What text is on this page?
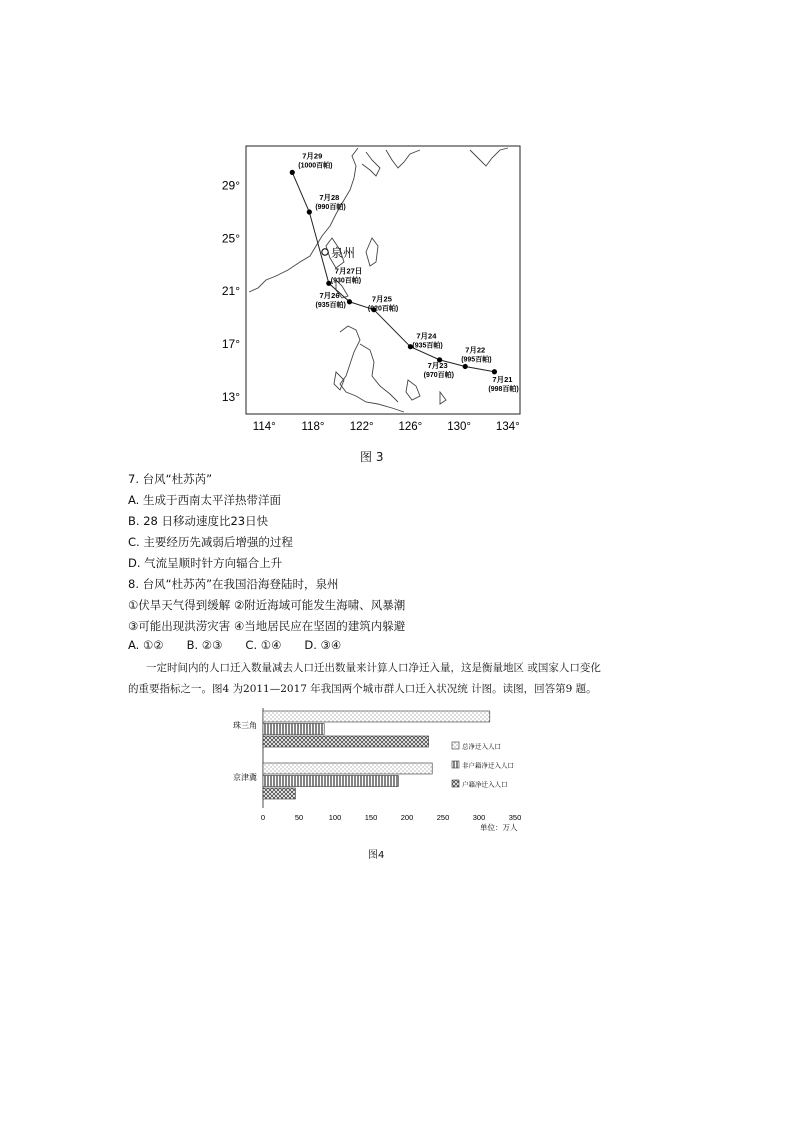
29°
25°
21°
17°
13°
114° 118° 122° 126° 130° 134°
7月29
(1000百帕)
7月28
(990百帕)
7月27日
(930百帕)
7月26
(935百帕)
7月25
(920百帕)
7月24
(935百帕)
7月23
(970百帕)
7月22
(995百帕)
7月21
(998百帕)
泉州
图 3
7. 台风“杜苏芮”
A. 生成于西南太平洋热带洋面
B. 28 日移动速度比23日快
C. 主要经历先减弱后增强的过程
D. 气流呈顺时针方向辐合上升
8. 台风“杜苏芮”在我国沿海登陆时，泉州
①伏旱天气得到缓解 ②附近海域可能发生海啸、风暴潮
③可能出现洪涝灾害 ④当地居民应在坚固的建筑内躲避
A. ①②　　B. ②③　　C. ①④　　D. ③④
一定时间内的人口迁入数量减去人口迁出数量来计算人口净迁入量，这是衡量地区 或国家人口变化
的重要指标之一。图4 为2011—2017 年我国两个城市群人口迁入状况统 计图。读图，回答第9 题。
0	50	100	150	200	250	300	350
单位：万人
珠三角
京津冀
总净迁入人口
非户籍净迁入人口
户籍净迁入人口
图4
